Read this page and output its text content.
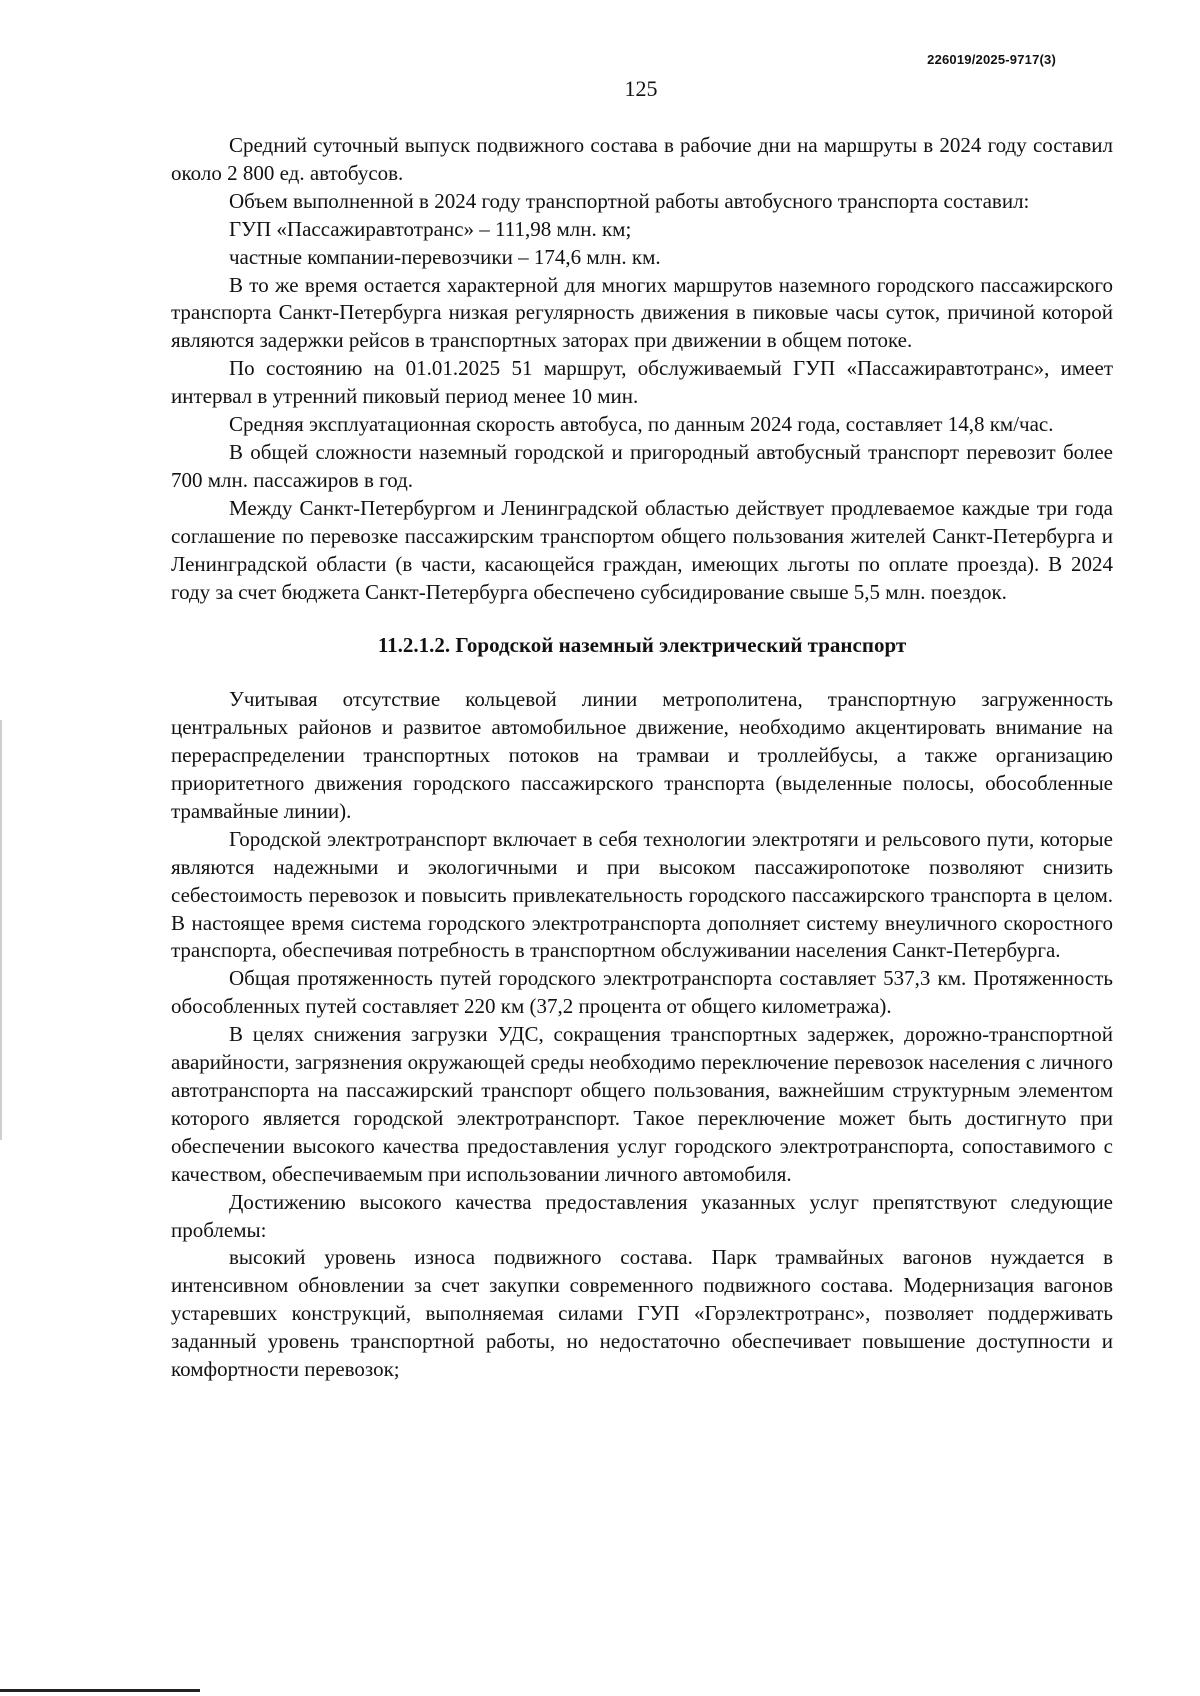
226019/2025-9717(3)
125

Средний суточный выпуск подвижного состава в рабочие дни на маршруты в 2024 году составил около 2 800 ед. автобусов.

Объем выполненной в 2024 году транспортной работы автобусного транспорта составил:

ГУП «Пассажиравтотранс» – 111,98 млн. км;

частные компании-перевозчики – 174,6 млн. км.

В то же время остается характерной для многих маршрутов наземного городского пассажирского транспорта Санкт-Петербурга низкая регулярность движения в пиковые часы суток, причиной которой являются задержки рейсов в транспортных заторах при движении в общем потоке.

По состоянию на 01.01.2025 51 маршрут, обслуживаемый ГУП «Пассажиравтотранс», имеет интервал в утренний пиковый период менее 10 мин.

Средняя эксплуатационная скорость автобуса, по данным 2024 года, составляет 14,8 км/час.

В общей сложности наземный городской и пригородный автобусный транспорт перевозит более 700 млн. пассажиров в год.

Между Санкт-Петербургом и Ленинградской областью действует продлеваемое каждые три года соглашение по перевозке пассажирским транспортом общего пользования жителей Санкт-Петербурга и Ленинградской области (в части, касающейся граждан, имеющих льготы по оплате проезда). В 2024 году за счет бюджета Санкт-Петербурга обеспечено субсидирование свыше 5,5 млн. поездок.

11.2.1.2. Городской наземный электрический транспорт

Учитывая отсутствие кольцевой линии метрополитена, транспортную загруженность центральных районов и развитое автомобильное движение, необходимо акцентировать внимание на перераспределении транспортных потоков на трамваи и троллейбусы, а также организацию приоритетного движения городского пассажирского транспорта (выделенные полосы, обособленные трамвайные линии).

Городской электротранспорт включает в себя технологии электротяги и рельсового пути, которые являются надежными и экологичными и при высоком пассажиропотоке позволяют снизить себестоимость перевозок и повысить привлекательность городского пассажирского транспорта в целом. В настоящее время система городского электротранспорта дополняет систему внеуличного скоростного транспорта, обеспечивая потребность в транспортном обслуживании населения Санкт-Петербурга.

Общая протяженность путей городского электротранспорта составляет 537,3 км. Протяженность обособленных путей составляет 220 км (37,2 процента от общего километража).

В целях снижения загрузки УДС, сокращения транспортных задержек, дорожно-транспортной аварийности, загрязнения окружающей среды необходимо переключение перевозок населения с личного автотранспорта на пассажирский транспорт общего пользования, важнейшим структурным элементом которого является городской электротранспорт. Такое переключение может быть достигнуто при обеспечении высокого качества предоставления услуг городского электротранспорта, сопоставимого с качеством, обеспечиваемым при использовании личного автомобиля.

Достижению высокого качества предоставления указанных услуг препятствуют следующие проблемы:

высокий уровень износа подвижного состава. Парк трамвайных вагонов нуждается в интенсивном обновлении за счет закупки современного подвижного состава. Модернизация вагонов устаревших конструкций, выполняемая силами ГУП «Горэлектротранс», позволяет поддерживать заданный уровень транспортной работы, но недостаточно обеспечивает повышение доступности и комфортности перевозок;
